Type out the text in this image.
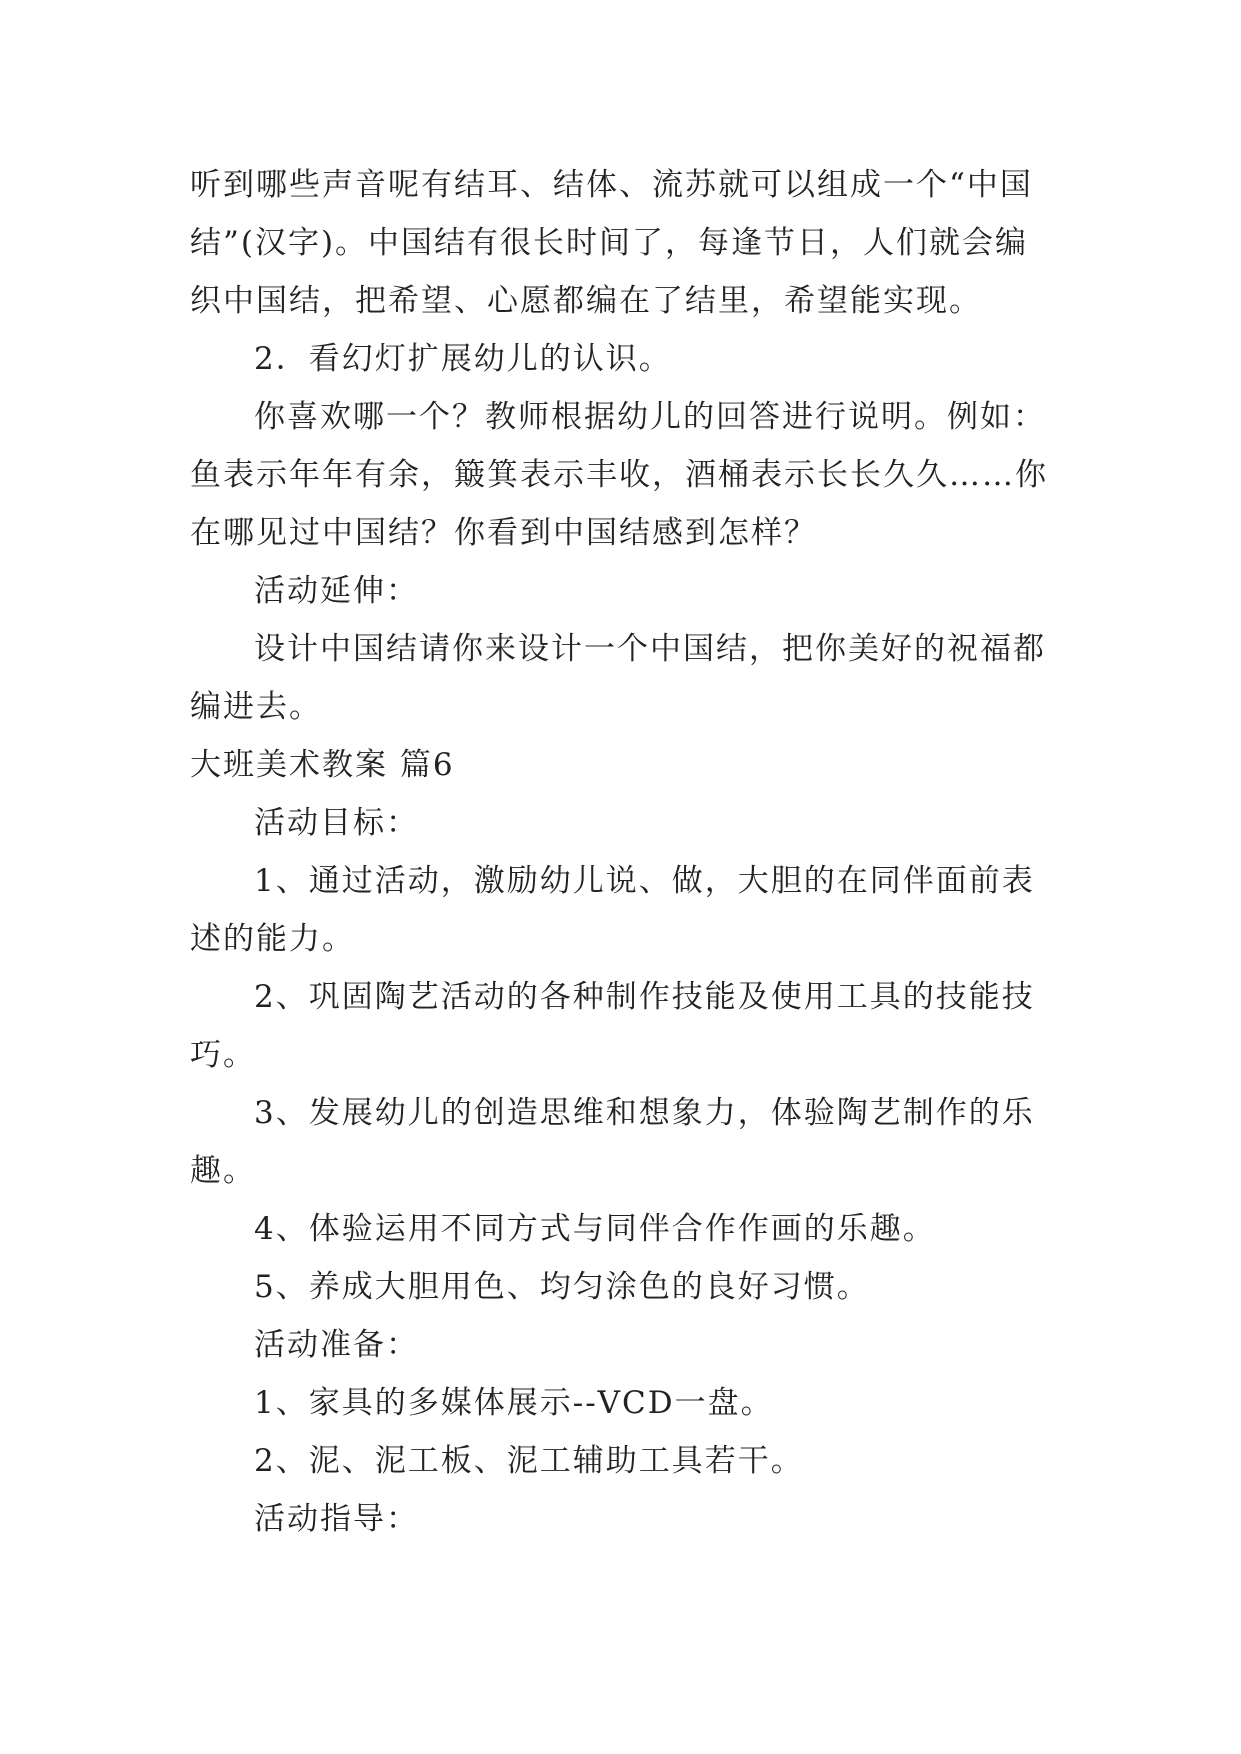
听到哪些声音呢有结耳、结体、流苏就可以组成一个“中国
结”(汉字)。中国结有很长时间了，每逢节日，人们就会编
织中国结，把希望、心愿都编在了结里，希望能实现。
2．看幻灯扩展幼儿的认识。
你喜欢哪一个？教师根据幼儿的回答进行说明。例如：
鱼表示年年有余，簸箕表示丰收，酒桶表示长长久久……你
在哪见过中国结？你看到中国结感到怎样？
活动延伸：
设计中国结请你来设计一个中国结，把你美好的祝福都
编进去。
大班美术教案 篇6
活动目标：
1、通过活动，激励幼儿说、做，大胆的在同伴面前表
述的能力。
2、巩固陶艺活动的各种制作技能及使用工具的技能技
巧。
3、发展幼儿的创造思维和想象力，体验陶艺制作的乐
趣。
4、体验运用不同方式与同伴合作作画的乐趣。
5、养成大胆用色、均匀涂色的良好习惯。
活动准备：
1、家具的多媒体展示--VCD一盘。
2、泥、泥工板、泥工辅助工具若干。
活动指导：
